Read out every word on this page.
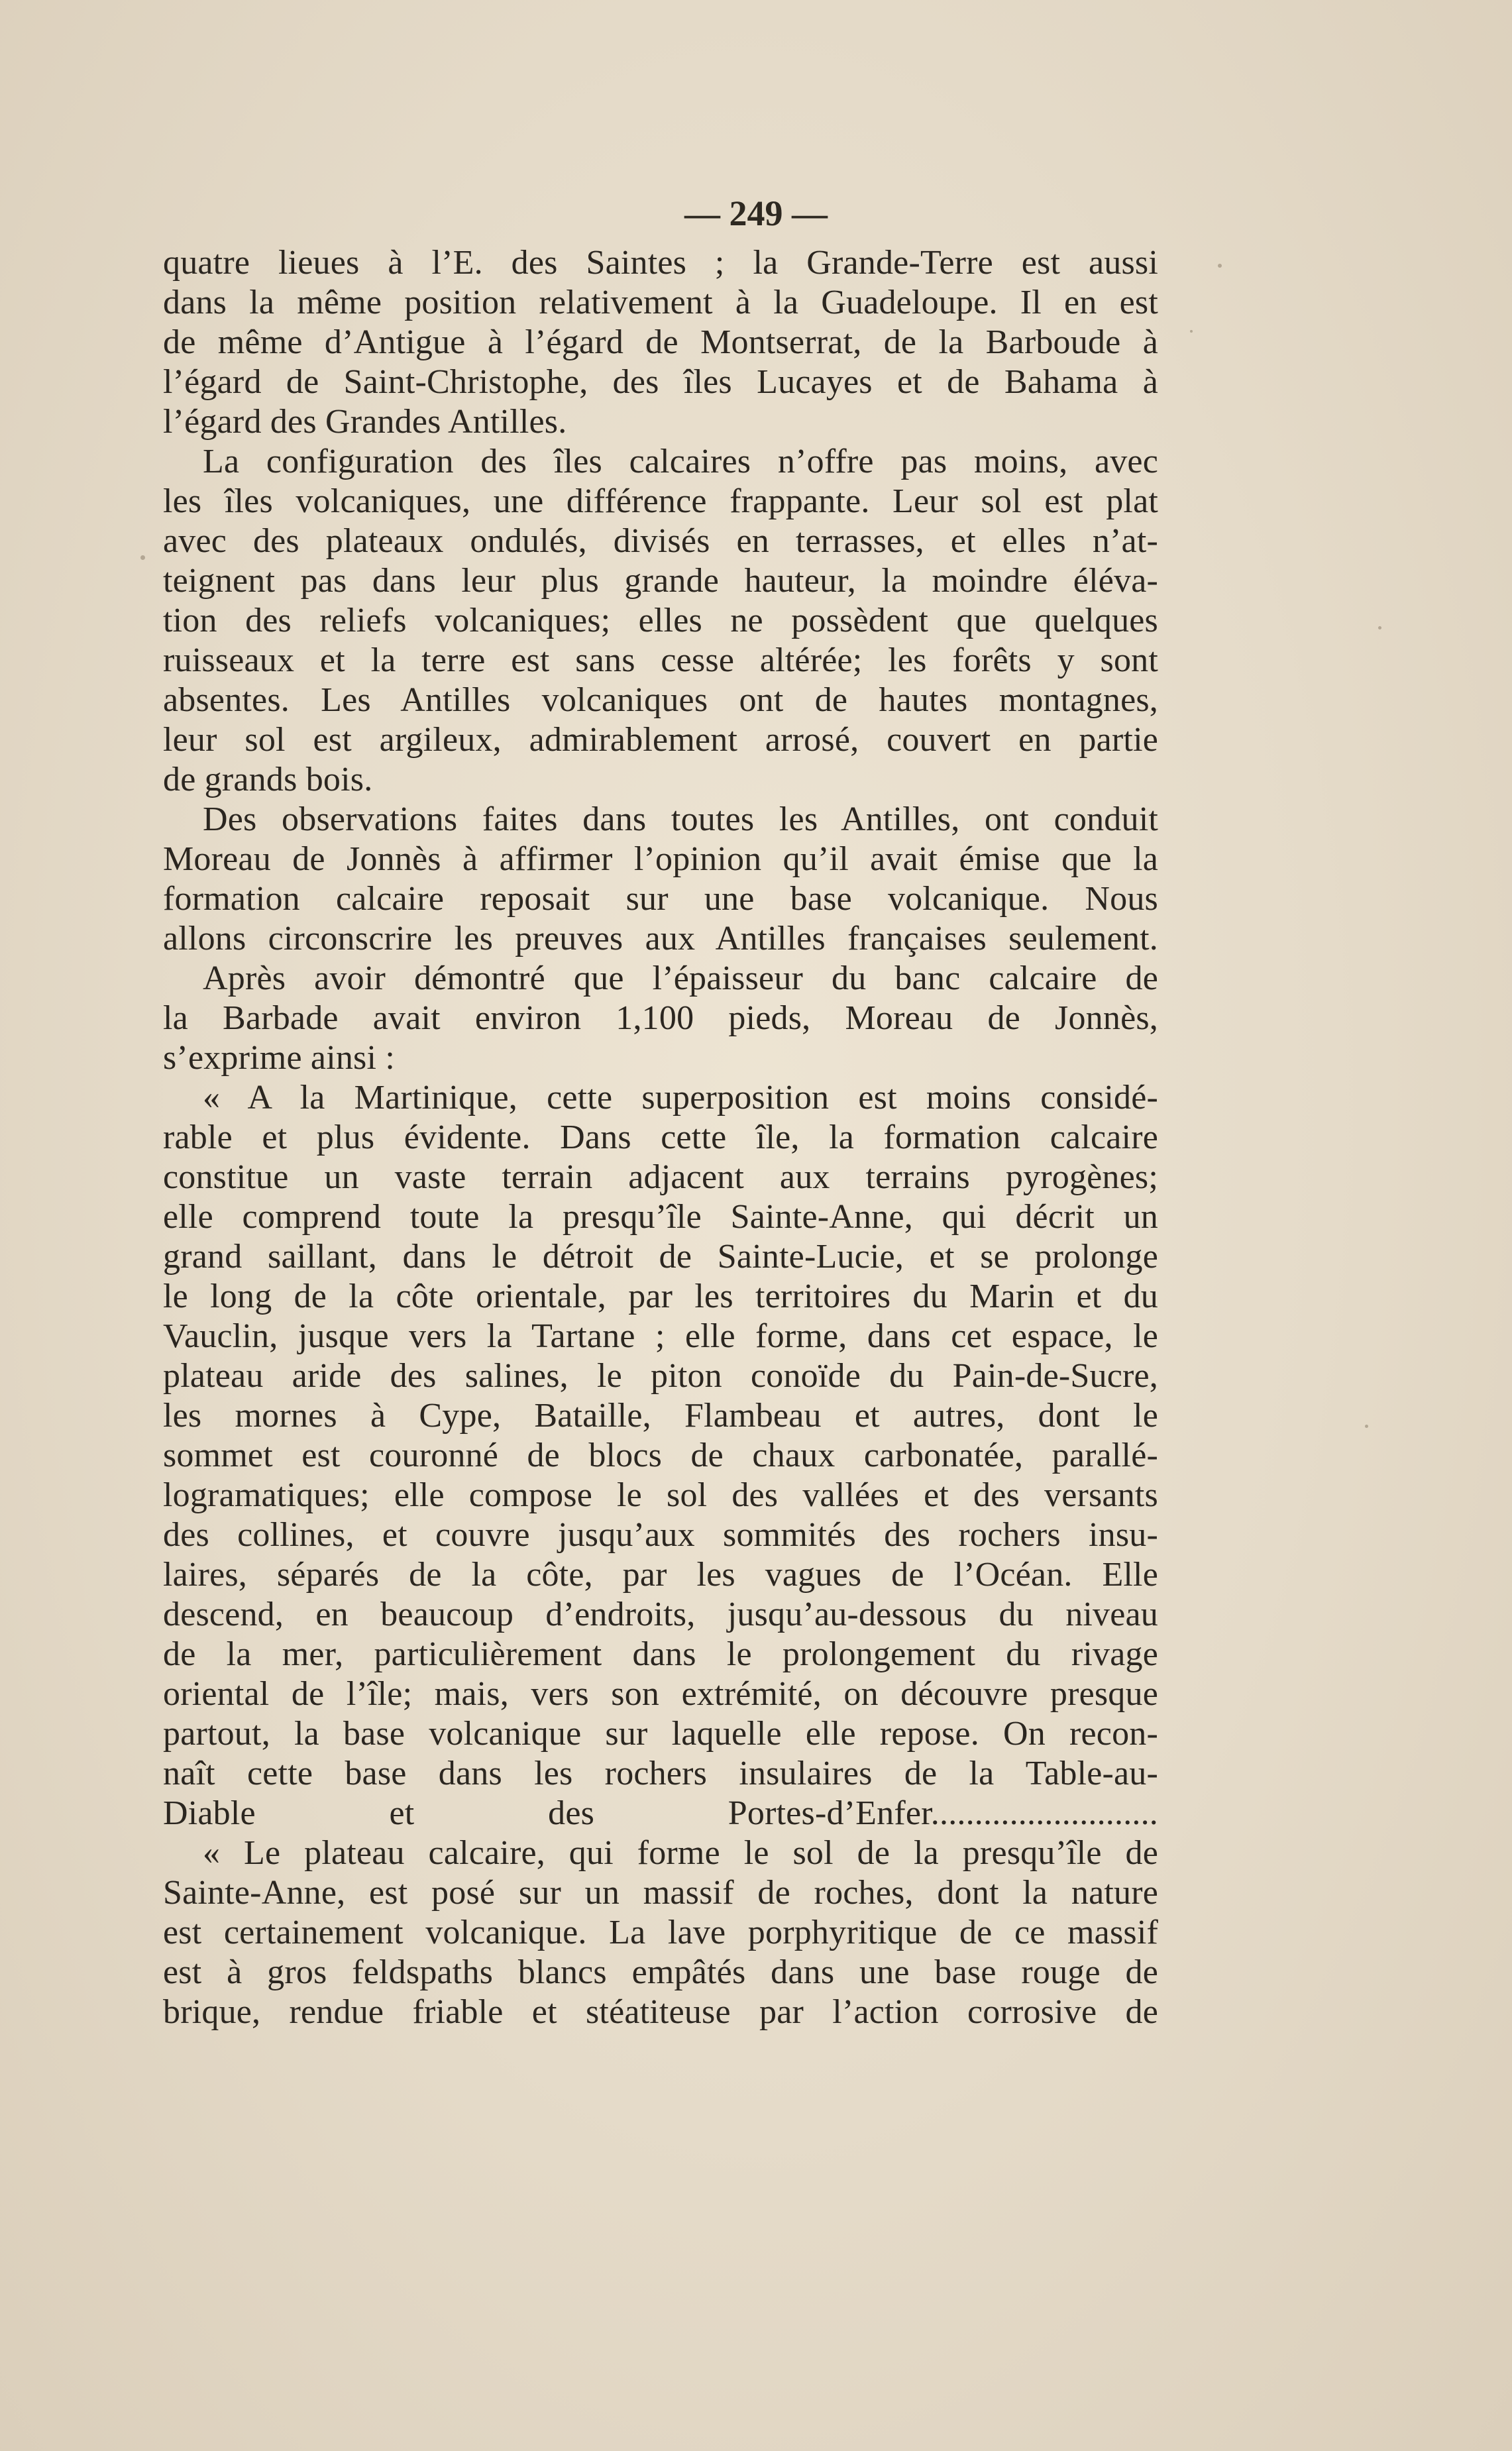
— 249 —
quatre lieues à l’E. des Saintes ; la Grande-Terre est aussi
dans la même position relativement à la Guadeloupe. Il en est
de même d’Antigue à l’égard de Montserrat, de la Barboude à
l’égard de Saint-Christophe, des îles Lucayes et de Bahama à
l’égard des Grandes Antilles.
La configuration des îles calcaires n’offre pas moins, avec
les îles volcaniques, une différence frappante. Leur sol est plat
avec des plateaux ondulés, divisés en terrasses, et elles n’at-
teignent pas dans leur plus grande hauteur, la moindre éléva-
tion des reliefs volcaniques; elles ne possèdent que quelques
ruisseaux et la terre est sans cesse altérée; les forêts y sont
absentes. Les Antilles volcaniques ont de hautes montagnes,
leur sol est argileux, admirablement arrosé, couvert en partie
de grands bois.
Des observations faites dans toutes les Antilles, ont conduit
Moreau de Jonnès à affirmer l’opinion qu’il avait émise que la
formation calcaire reposait sur une base volcanique. Nous
allons circonscrire les preuves aux Antilles françaises seulement.
Après avoir démontré que l’épaisseur du banc calcaire de
la Barbade avait environ 1,100 pieds, Moreau de Jonnès,
s’exprime ainsi :
« A la Martinique, cette superposition est moins considé-
rable et plus évidente. Dans cette île, la formation calcaire
constitue un vaste terrain adjacent aux terrains pyrogènes;
elle comprend toute la presqu’île Sainte-Anne, qui décrit un
grand saillant, dans le détroit de Sainte-Lucie, et se prolonge
le long de la côte orientale, par les territoires du Marin et du
Vauclin, jusque vers la Tartane ; elle forme, dans cet espace, le
plateau aride des salines, le piton conoïde du Pain-de-Sucre,
les mornes à Cype, Bataille, Flambeau et autres, dont le
sommet est couronné de blocs de chaux carbonatée, parallé-
logramatiques; elle compose le sol des vallées et des versants
des collines, et couvre jusqu’aux sommités des rochers insu-
laires, séparés de la côte, par les vagues de l’Océan. Elle
descend, en beaucoup d’endroits, jusqu’au-dessous du niveau
de la mer, particulièrement dans le prolongement du rivage
oriental de l’île; mais, vers son extrémité, on découvre presque
partout, la base volcanique sur laquelle elle repose. On recon-
naît cette base dans les rochers insulaires de la Table-au-
Diable et des Portes-d’Enfer..........................
« Le plateau calcaire, qui forme le sol de la presqu’île de
Sainte-Anne, est posé sur un massif de roches, dont la nature
est certainement volcanique. La lave porphyritique de ce massif
est à gros feldspaths blancs empâtés dans une base rouge de
brique, rendue friable et stéatiteuse par l’action corrosive de
